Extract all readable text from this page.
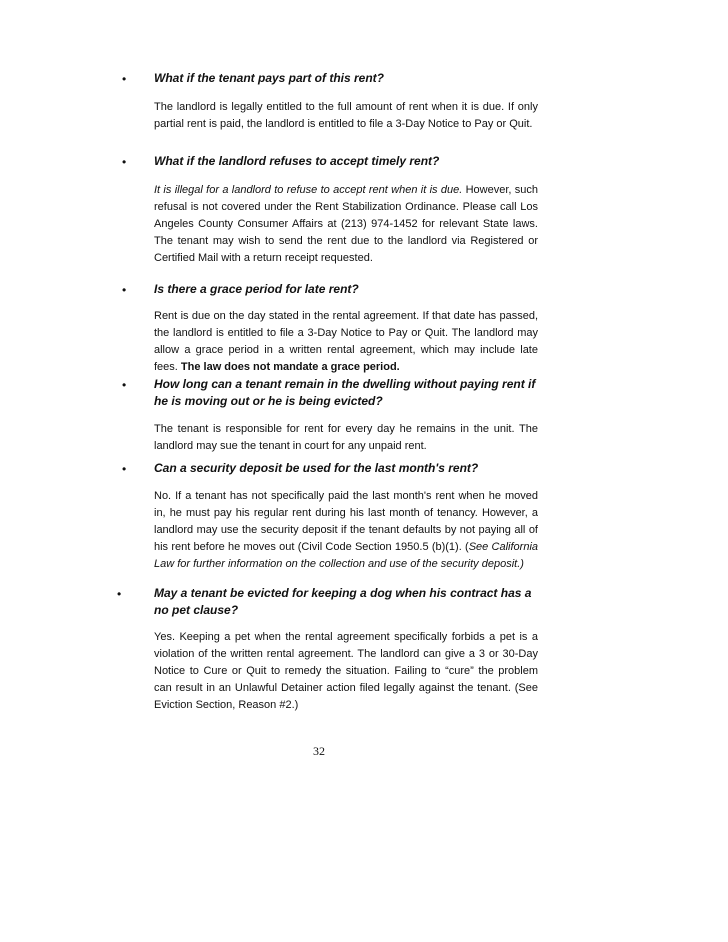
• What if the tenant pays part of this rent?

The landlord is legally entitled to the full amount of rent when it is due. If only partial rent is paid, the landlord is entitled to file a 3-Day Notice to Pay or Quit.

• What if the landlord refuses to accept timely rent?

It is illegal for a landlord to refuse to accept rent when it is due. However, such refusal is not covered under the Rent Stabilization Ordinance. Please call Los Angeles County Consumer Affairs at (213) 974-1452 for relevant State laws. The tenant may wish to send the rent due to the landlord via Registered or Certified Mail with a return receipt requested.

• Is there a grace period for late rent?

Rent is due on the day stated in the rental agreement. If that date has passed, the landlord is entitled to file a 3-Day Notice to Pay or Quit. The landlord may allow a grace period in a written rental agreement, which may include late fees. The law does not mandate a grace period.

• How long can a tenant remain in the dwelling without paying rent if he is moving out or he is being evicted?

The tenant is responsible for rent for every day he remains in the unit. The landlord may sue the tenant in court for any unpaid rent.

• Can a security deposit be used for the last month's rent?

No. If a tenant has not specifically paid the last month's rent when he moved in, he must pay his regular rent during his last month of tenancy. However, a landlord may use the security deposit if the tenant defaults by not paying all of his rent before he moves out (Civil Code Section 1950.5 (b)(1). (See California Law for further information on the collection and use of the security deposit.)

•	May a tenant be evicted for keeping a dog when his contract has a no pet clause?

Yes. Keeping a pet when the rental agreement specifically forbids a pet is a violation of the written rental agreement. The landlord can give a 3 or 30-Day Notice to Cure or Quit to remedy the situation. Failing to “cure” the problem can result in an Unlawful Detainer action filed legally against the tenant. (See Eviction Section, Reason #2.)

32
